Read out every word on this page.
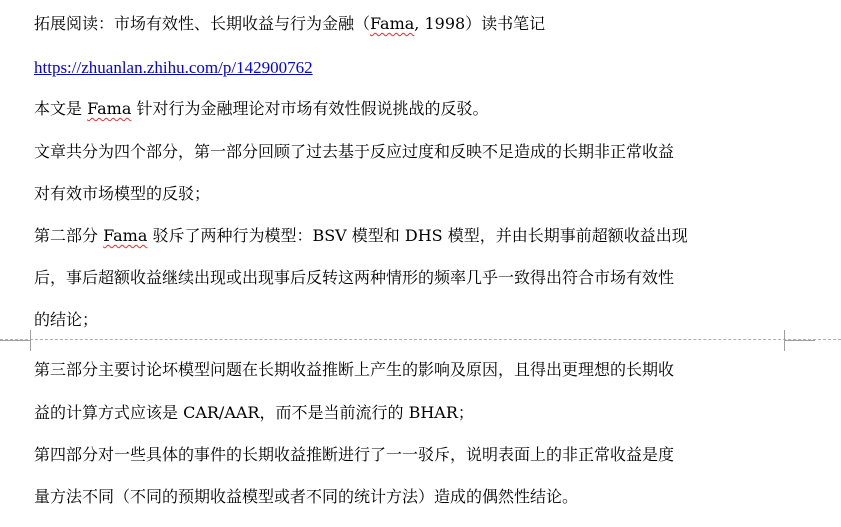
拓展阅读：市场有效性、长期收益与行为金融（Fama, 1998）读书笔记
https://zhuanlan.zhihu.com/p/142900762
本文是 Fama 针对行为金融理论对市场有效性假说挑战的反驳。
文章共分为四个部分，第一部分回顾了过去基于反应过度和反映不足造成的长期非正常收益
对有效市场模型的反驳；
第二部分 Fama 驳斥了两种行为模型：BSV 模型和 DHS 模型，并由长期事前超额收益出现
后，事后超额收益继续出现或出现事后反转这两种情形的频率几乎一致得出符合市场有效性
的结论；
第三部分主要讨论坏模型问题在长期收益推断上产生的影响及原因，且得出更理想的长期收
益的计算方式应该是 CAR/AAR，而不是当前流行的 BHAR；
第四部分对一些具体的事件的长期收益推断进行了一一驳斥，说明表面上的非正常收益是度
量方法不同（不同的预期收益模型或者不同的统计方法）造成的偶然性结论。
